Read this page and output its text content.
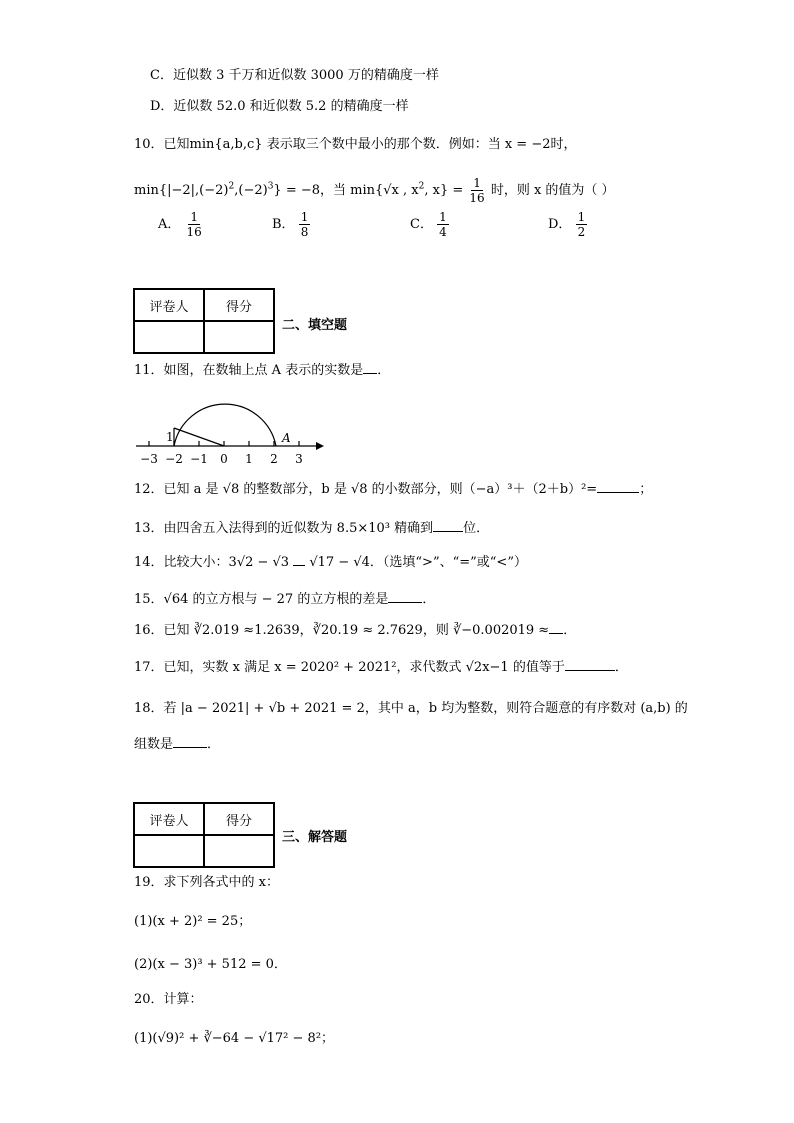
C．近似数 3 千万和近似数 3000 万的精确度一样
D．近似数 52.0 和近似数 5.2 的精确度一样
10．已知min{a,b,c} 表示取三个数中最小的那个数．例如：当 x = −2时，
$\min\{|-2|,(-2)^2,(-2)^3\} = -8$，当 min{√x , $x^2$, $x\} = \frac{1}{16}$ 时，则 x 的值为（ ）
A． $\frac{1}{16}$	B． $\frac{1}{8}$	C． $\frac{1}{4}$	D． $\frac{1}{2}$
评卷人	得分

二、填空题
11．如图，在数轴上点 A 表示的实数是 ．
1	A
−3 −2 −1 0 1 2 3
12．已知 a 是 √8 的整数部分，b 是 √8 的小数部分，则（−a）³＋（2＋b）²=	；
13．由四舍五入法得到的近似数为 8.5×10³ 精确到 位．
14．比较大小：3√2 − √3 √17 − √4．（选填“>”、“=”或“<”）
15．√64 的立方根与 − 27 的立方根的差是	．
16．已知 ∛2.019 ≈1.2639，∛20.19 ≈ 2.7629，则 ∛−0.002019 ≈ ．
17．已知，实数 x 满足 x = 2020² + 2021²，求代数式 √2x−1 的值等于	．
18．若 |a − 2021| + √b + 2021 = 2，其中 a，b 均为整数，则符合题意的有序数对 (a,b) 的
组数是	．
评卷人	得分

三、解答题
19．求下列各式中的 x：
(1)(x + 2)² = 25；
(2)(x − 3)³ + 512 = 0．
20．计算：
(1)(√9)² + ∛−64 − √17² − 8²；
